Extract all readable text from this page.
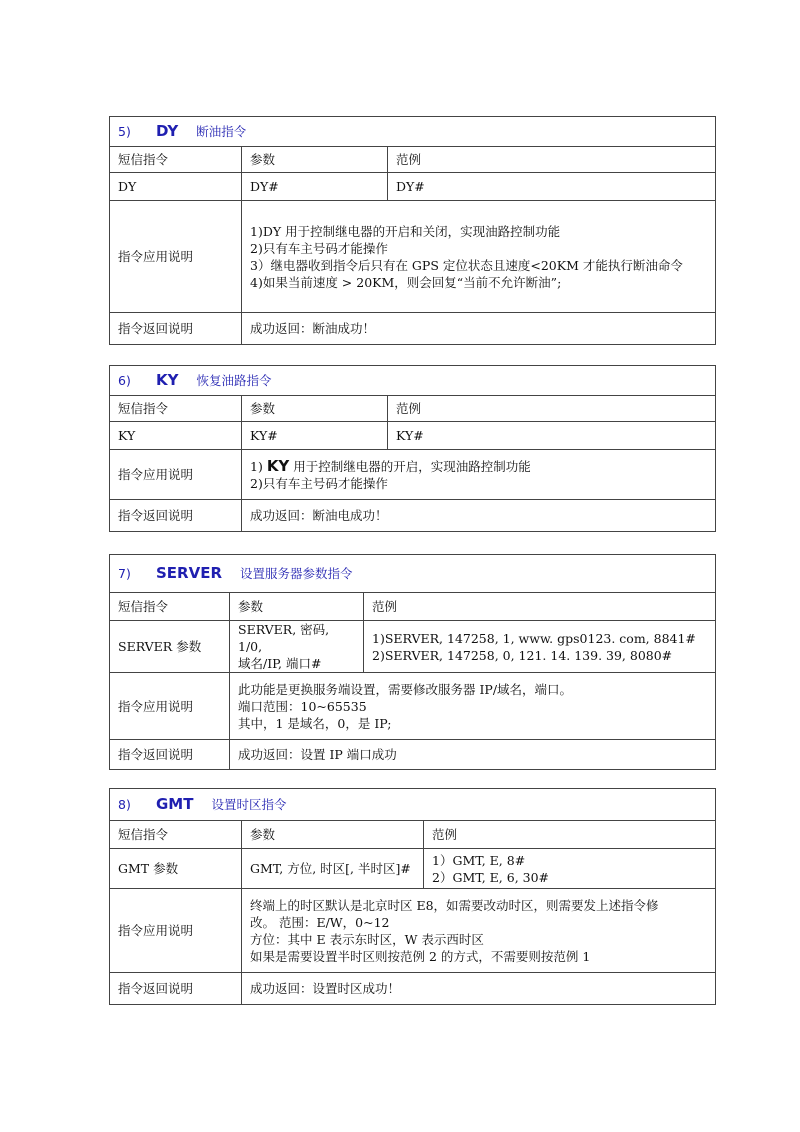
5) DY 断油指令		
短信指令	参数	范例
DY	DY#	DY#
指令应用说明	1)DY 用于控制继电器的开启和关闭，实现油路控制功能
2)只有车主号码才能操作
3）继电器收到指令后只有在 GPS 定位状态且速度<20KM 才能执行断油命令
4)如果当前速度 > 20KM，则会回复“当前不允许断油”;	

指令返回说明	成功返回：断油成功！	
6) KY 恢复油路指令		
短信指令	参数	范例
KY	KY#	KY#
指令应用说明	1) KY 用于控制继电器的开启，实现油路控制功能
2)只有车主号码才能操作	

指令返回说明	成功返回：断油电成功！	
7) SERVER 设置服务器参数指令		
短信指令	参数	范例
SERVER 参数	SERVER, 密码, 1/0,
域名/IP, 端口#	1)SERVER, 147258, 1, www. gps0123. com, 8841#
2)SERVER, 147258, 0, 121. 14. 139. 39, 8080#

指令应用说明	此功能是更换服务端设置，需要修改服务器 IP/域名，端口。
端口范围：10~65535
其中，1 是域名，0，是 IP;	

指令返回说明	成功返回：设置 IP 端口成功	
8) GMT 设置时区指令		
短信指令	参数	范例
GMT 参数	GMT, 方位, 时区[, 半时区]#	1）GMT, E, 8#
2）GMT, E, 6, 30#

指令应用说明	终端上的时区默认是北京时区 E8，如需要改动时区，则需要发上述指令修
改。 范围：E/W，0~12
方位：其中 E 表示东时区，W 表示西时区
如果是需要设置半时区则按范例 2 的方式，不需要则按范例 1	

指令返回说明	成功返回：设置时区成功！	
